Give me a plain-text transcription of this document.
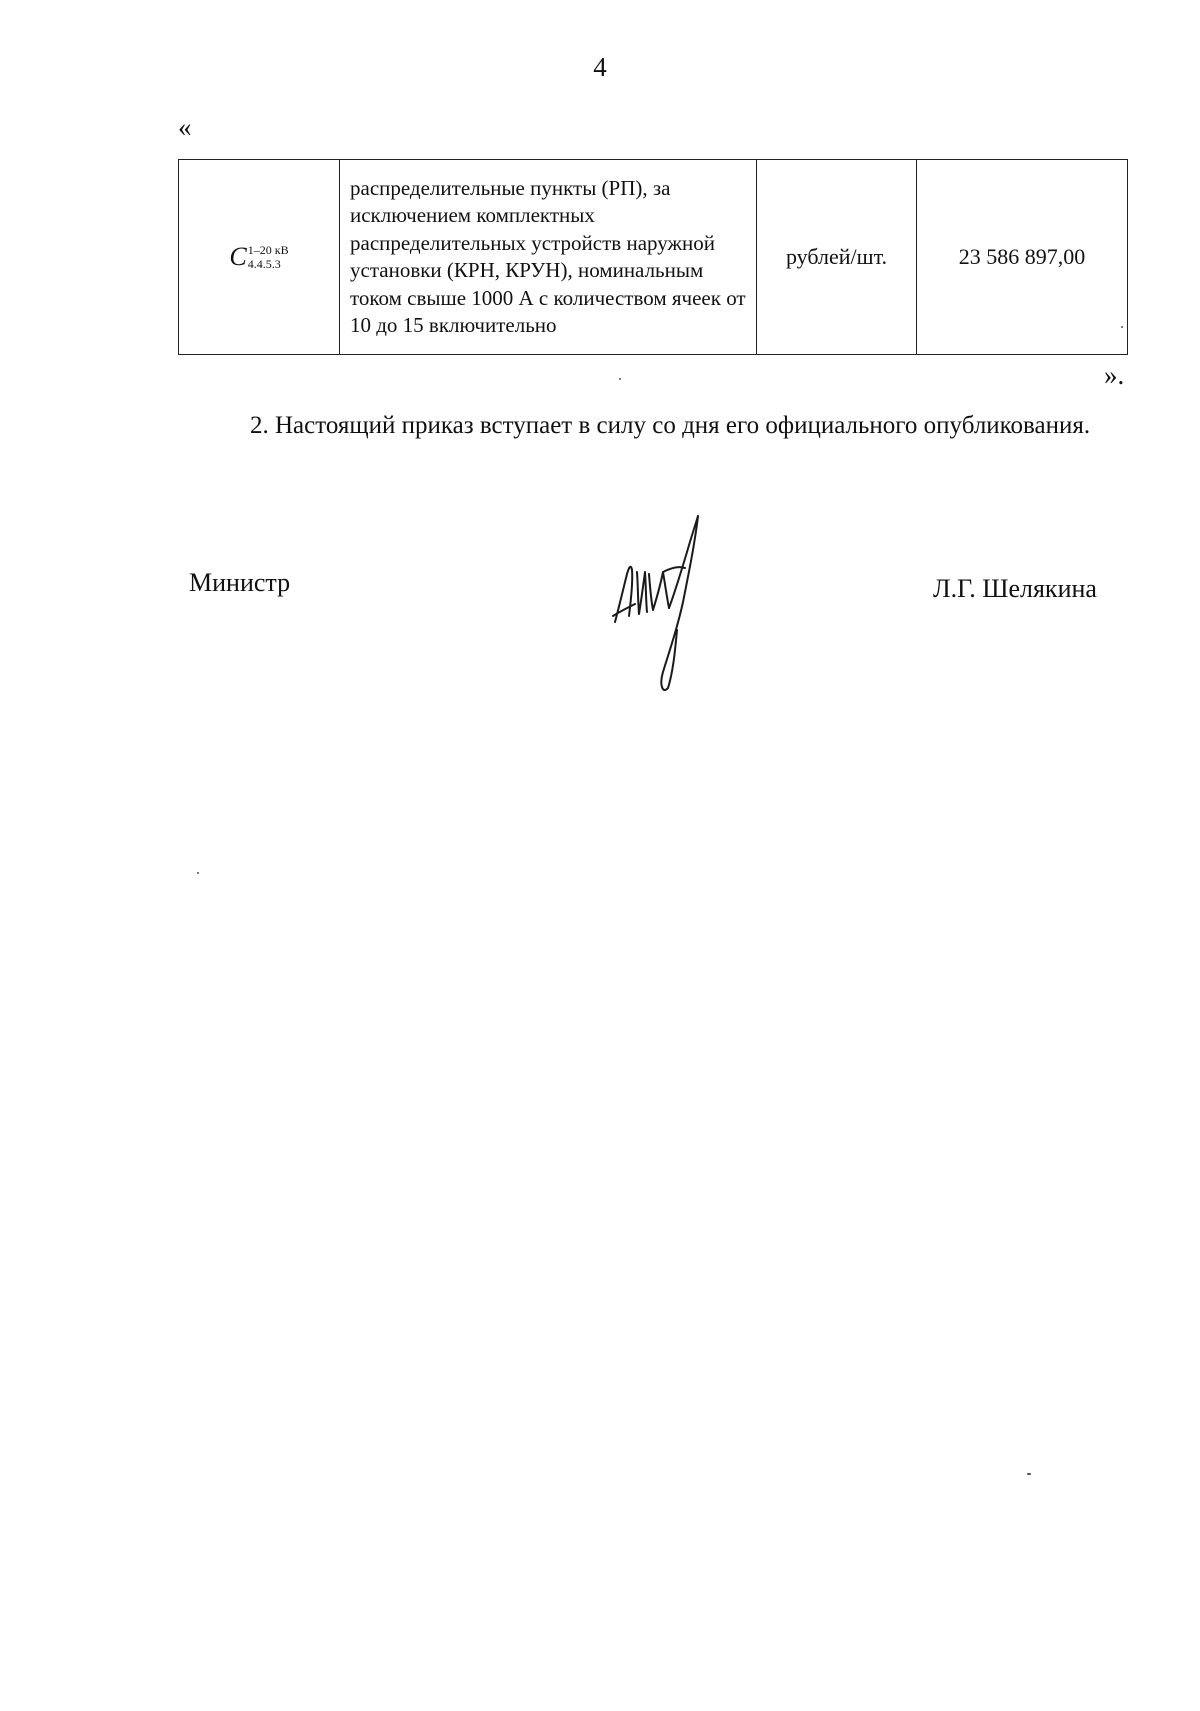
4
«
C 1–20 кВ
4.4.5.3
	распределительные пункты (РП), за исключением комплектных распределительных устройств наружной установки (КРН, КРУН), номинальным током свыше 1000 А с количеством ячеек от 10 до 15 включительно	рублей/шт.	23 586 897,00
».
2. Настоящий приказ вступает в силу со дня его официального опубликования.
Министр	Л.Г. Шелякина
